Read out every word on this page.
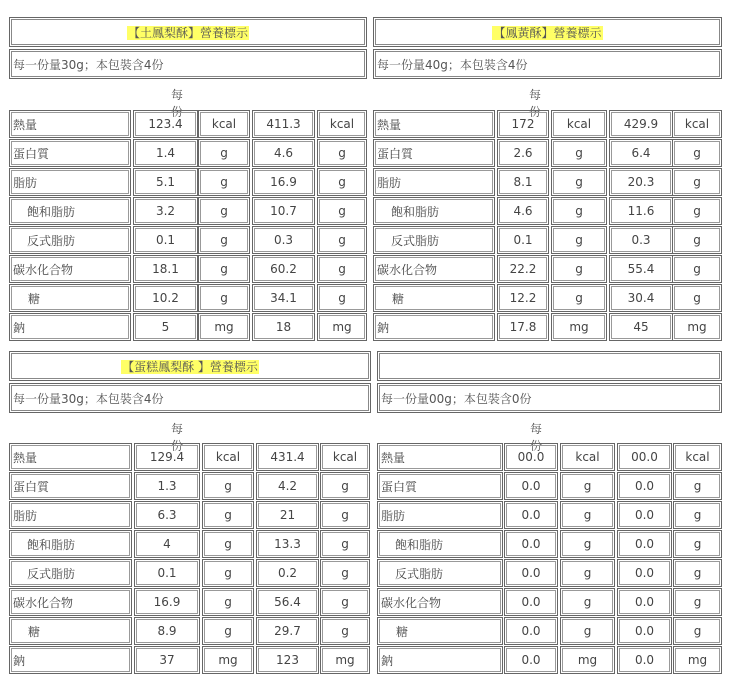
【土鳳梨酥】營養標示
每一份量30g；本包裝含4份
每份
熱量	123.4	kcal	411.3	kcal
蛋白質	1.4	g	4.6	g
脂肪	5.1	g	16.9	g
飽和脂肪	3.2	g	10.7	g
反式脂肪	0.1	g	0.3	g
碳水化合物	18.1	g	60.2	g
糖	10.2	g	34.1	g
鈉	5	mg	18	mg
【鳳黃酥】營養標示
每一份量40g；本包裝含4份
每份
熱量	172	kcal	429.9	kcal
蛋白質	2.6	g	6.4	g
脂肪	8.1	g	20.3	g
飽和脂肪	4.6	g	11.6	g
反式脂肪	0.1	g	0.3	g
碳水化合物	22.2	g	55.4	g
糖	12.2	g	30.4	g
鈉	17.8	mg	45	mg
【蛋糕鳳梨酥 】營養標示
每一份量30g；本包裝含4份
每份
熱量	129.4	kcal	431.4	kcal
蛋白質	1.3	g	4.2	g
脂肪	6.3	g	21	g
飽和脂肪	4	g	13.3	g
反式脂肪	0.1	g	0.2	g
碳水化合物	16.9	g	56.4	g
糖	8.9	g	29.7	g
鈉	37	mg	123	mg
每一份量00g；本包裝含0份
每份
熱量	00.0	kcal	00.0	kcal
蛋白質	0.0	g	0.0	g
脂肪	0.0	g	0.0	g
飽和脂肪	0.0	g	0.0	g
反式脂肪	0.0	g	0.0	g
碳水化合物	0.0	g	0.0	g
糖	0.0	g	0.0	g
鈉	0.0	mg	0.0	mg
